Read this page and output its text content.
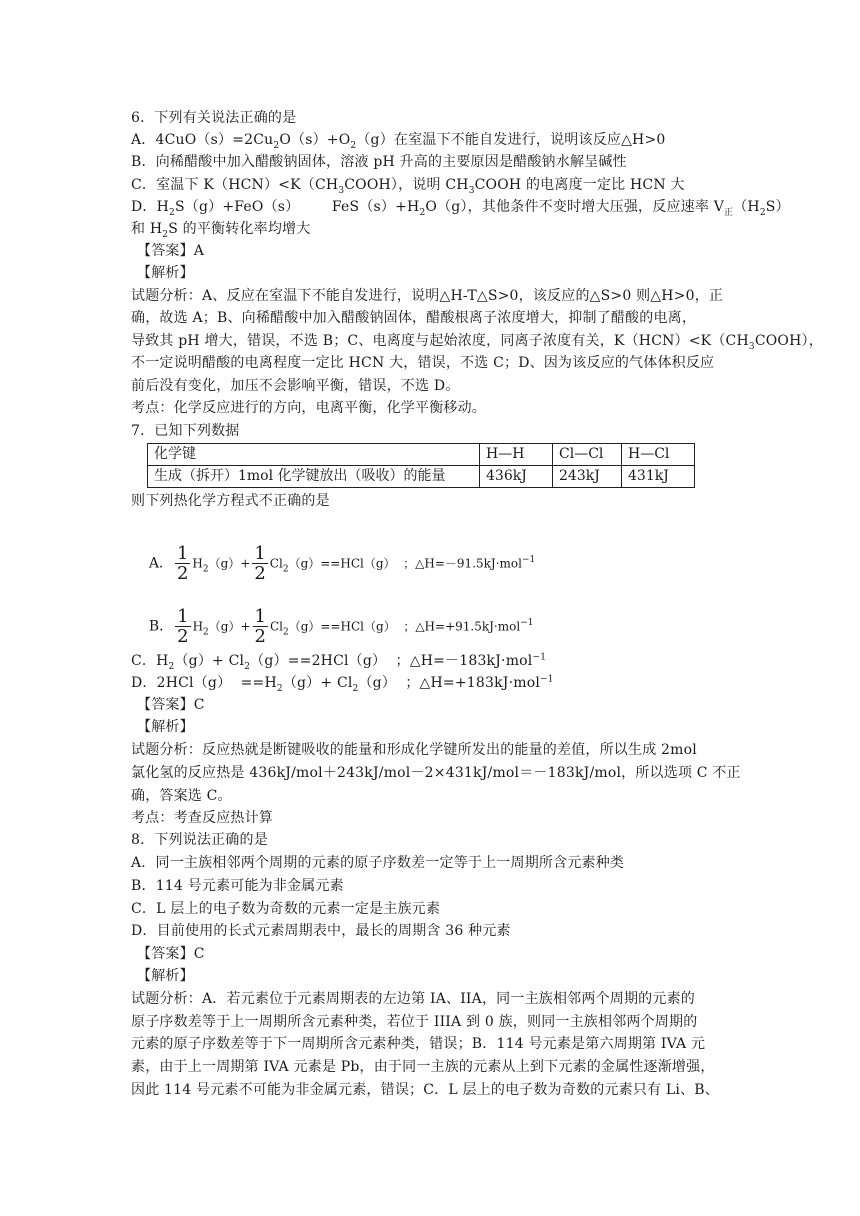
6．下列有关说法正确的是
A．$4CuO(s)=2Cu_2O(s)+O_2(g)$在室温下不能自发进行，说明该反应△H>0
B．向稀醋酸中加入醋酸钠固体，溶液 pH 升高的主要原因是醋酸钠水解呈碱性
C．室温下 $K(HCN)<K(CH_3COOH)$，说明 $CH_3COOH$ 的电离度一定比 HCN 大
D．$H_2S(g)+FeO(s)$       $FeS(s)+H_2O(g)$，其他条件不变时增大压强，反应速率 $V_正(H_2S)$
和 $H_2S$ 的平衡转化率均增大
【答案】A
【解析】
试题分析：A、反应在室温下不能自发进行，说明△H-T△S>0，该反应的△S>0 则△H>0，正
确，故选 A；B、向稀醋酸中加入醋酸钠固体，醋酸根离子浓度增大，抑制了醋酸的电离，
导致其 pH 增大，错误，不选 B；C、电离度与起始浓度，同离子浓度有关，$K(HCN)<K(CH_3COOH)$，
不一定说明醋酸的电离程度一定比 HCN 大，错误，不选 C；D、因为该反应的气体体积反应
前后没有变化，加压不会影响平衡，错误，不选 D。
考点：化学反应进行的方向，电离平衡，化学平衡移动。
7．已知下列数据
化学键	H—H	Cl—Cl	H—Cl
生成（拆开）1mol 化学键放出（吸收）的能量	436kJ	243kJ	431kJ
则下列热化学方程式不正确的是

A． $\frac{1}{2} H_2(g)+ \frac{1}{2} Cl_2(g)==HCl(g)$  ；△H=－91.5kJ·mol$^{-1}$

B． $\frac{1}{2} H_2(g)+ \frac{1}{2} Cl_2(g)==HCl(g)$  ；△H=+91.5kJ·mol$^{-1}$

C．$H_2(g)+ Cl_2(g)==2HCl(g)$  ；△H=－183kJ·mol$^{-1}$
D．$2HCl(g) ==H_2(g)+ Cl_2(g)$  ；△H=+183kJ·mol$^{-1}$
【答案】C
【解析】
试题分析：反应热就是断键吸收的能量和形成化学键所发出的能量的差值，所以生成 2mol
氯化氢的反应热是 436kJ/mol＋243kJ/mol－2×431kJ/mol＝－183kJ/mol，所以选项 C 不正
确，答案选 C。
考点：考查反应热计算
8．下列说法正确的是
A．同一主族相邻两个周期的元素的原子序数差一定等于上一周期所含元素种类
B．114 号元素可能为非金属元素
C．L 层上的电子数为奇数的元素一定是主族元素
D．目前使用的长式元素周期表中，最长的周期含 36 种元素
【答案】C
【解析】
试题分析：A．若元素位于元素周期表的左边第 IA、IIA，同一主族相邻两个周期的元素的
原子序数差等于上一周期所含元素种类，若位于 IIIA 到 0 族，则同一主族相邻两个周期的
元素的原子序数差等于下一周期所含元素种类，错误；B．114 号元素是第六周期第 IVA 元
素，由于上一周期第 IVA 元素是 Pb，由于同一主族的元素从上到下元素的金属性逐渐增强，
因此 114 号元素不可能为非金属元素，错误；C．L 层上的电子数为奇数的元素只有 Li、B、
